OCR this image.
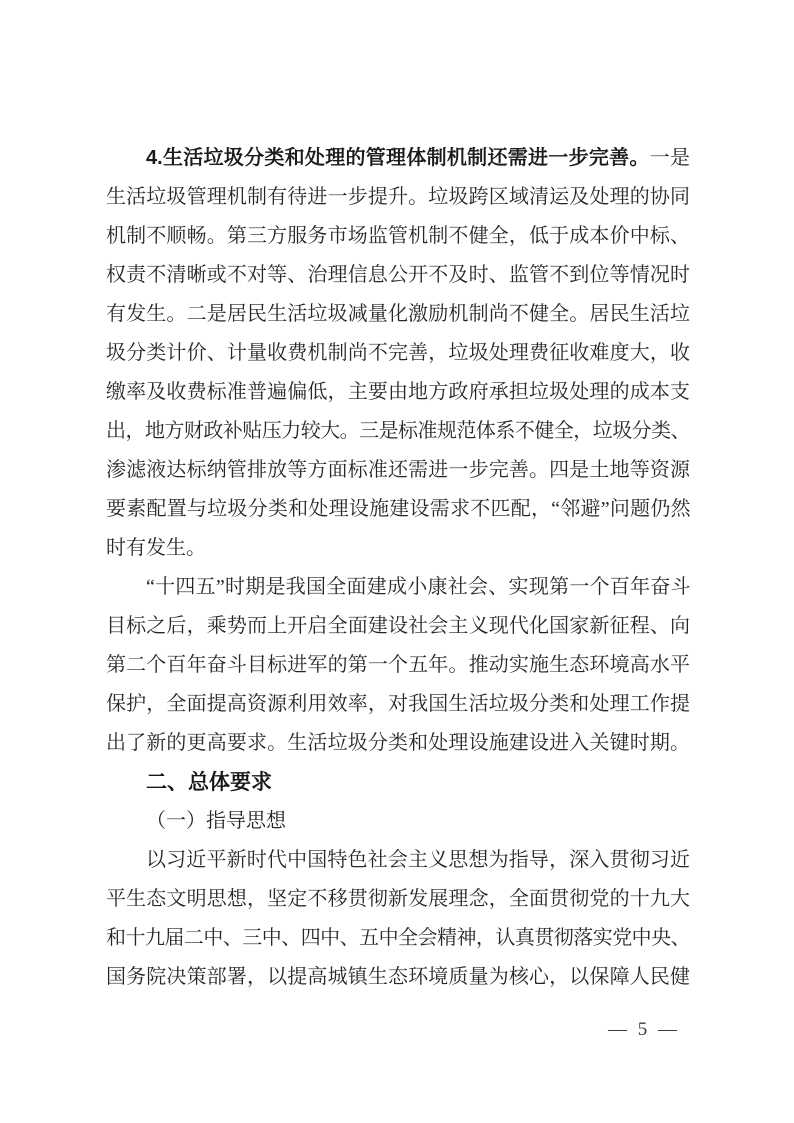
4.生活垃圾分类和处理的管理体制机制还需进一步完善。一是
生活垃圾管理机制有待进一步提升。垃圾跨区域清运及处理的协同
机制不顺畅。第三方服务市场监管机制不健全，低于成本价中标、
权责不清晰或不对等、治理信息公开不及时、监管不到位等情况时
有发生。二是居民生活垃圾减量化激励机制尚不健全。居民生活垃
圾分类计价、计量收费机制尚不完善，垃圾处理费征收难度大，收
缴率及收费标准普遍偏低，主要由地方政府承担垃圾处理的成本支
出，地方财政补贴压力较大。三是标准规范体系不健全，垃圾分类、
渗滤液达标纳管排放等方面标准还需进一步完善。四是土地等资源
要素配置与垃圾分类和处理设施建设需求不匹配，“邻避”问题仍然
时有发生。
“十四五”时期是我国全面建成小康社会、实现第一个百年奋斗
目标之后，乘势而上开启全面建设社会主义现代化国家新征程、向
第二个百年奋斗目标进军的第一个五年。推动实施生态环境高水平
保护，全面提高资源利用效率，对我国生活垃圾分类和处理工作提
出了新的更高要求。生活垃圾分类和处理设施建设进入关键时期。
二、总体要求
（一）指导思想
以习近平新时代中国特色社会主义思想为指导，深入贯彻习近
平生态文明思想，坚定不移贯彻新发展理念，全面贯彻党的十九大
和十九届二中、三中、四中、五中全会精神，认真贯彻落实党中央、
国务院决策部署，以提高城镇生态环境质量为核心，以保障人民健
— 5 —
